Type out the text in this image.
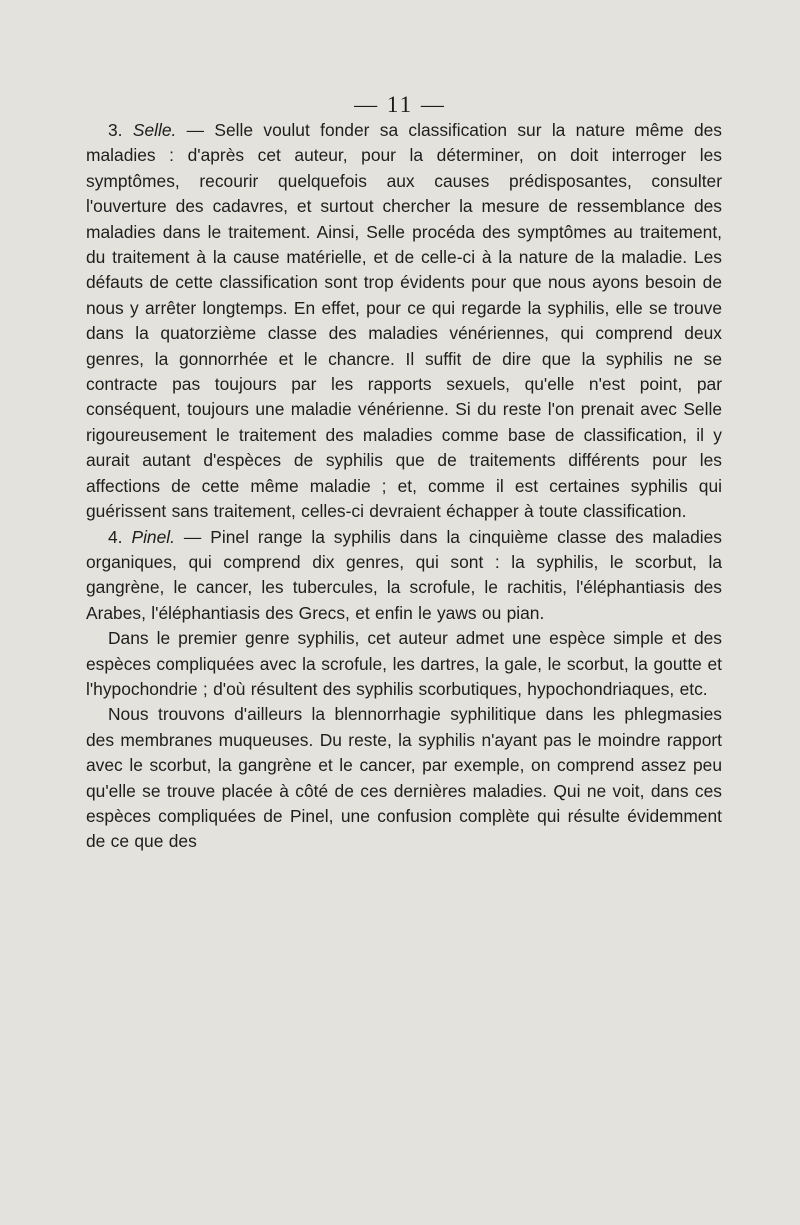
— 11 —

3. Selle. — Selle voulut fonder sa classification sur la nature même des maladies : d'après cet auteur, pour la déterminer, on doit interroger les symptômes, recourir quelquefois aux causes prédisposantes, consulter l'ouverture des cadavres, et surtout chercher la mesure de ressemblance des maladies dans le traitement. Ainsi, Selle procéda des symptômes au traitement, du traitement à la cause matérielle, et de celle-ci à la nature de la maladie. Les défauts de cette classification sont trop évidents pour que nous ayons besoin de nous y arrêter longtemps. En effet, pour ce qui regarde la syphilis, elle se trouve dans la quatorzième classe des maladies vénériennes, qui comprend deux genres, la gonnorrhée et le chancre. Il suffit de dire que la syphilis ne se contracte pas toujours par les rapports sexuels, qu'elle n'est point, par conséquent, toujours une maladie vénérienne. Si du reste l'on prenait avec Selle rigoureusement le traitement des maladies comme base de classification, il y aurait autant d'espèces de syphilis que de traitements différents pour les affections de cette même maladie ; et, comme il est certaines syphilis qui guérissent sans traitement, celles-ci devraient échapper à toute classification.

4. Pinel. — Pinel range la syphilis dans la cinquième classe des maladies organiques, qui comprend dix genres, qui sont : la syphilis, le scorbut, la gangrène, le cancer, les tubercules, la scrofule, le rachitis, l'éléphantiasis des Arabes, l'éléphantiasis des Grecs, et enfin le yaws ou pian.

Dans le premier genre syphilis, cet auteur admet une espèce simple et des espèces compliquées avec la scrofule, les dartres, la gale, le scorbut, la goutte et l'hypochondrie ; d'où résultent des syphilis scorbutiques, hypochondriaques, etc.

Nous trouvons d'ailleurs la blennorrhagie syphilitique dans les phlegmasies des membranes muqueuses. Du reste, la syphilis n'ayant pas le moindre rapport avec le scorbut, la gangrène et le cancer, par exemple, on comprend assez peu qu'elle se trouve placée à côté de ces dernières maladies. Qui ne voit, dans ces espèces compliquées de Pinel, une confusion complète qui résulte évidemment de ce que des
